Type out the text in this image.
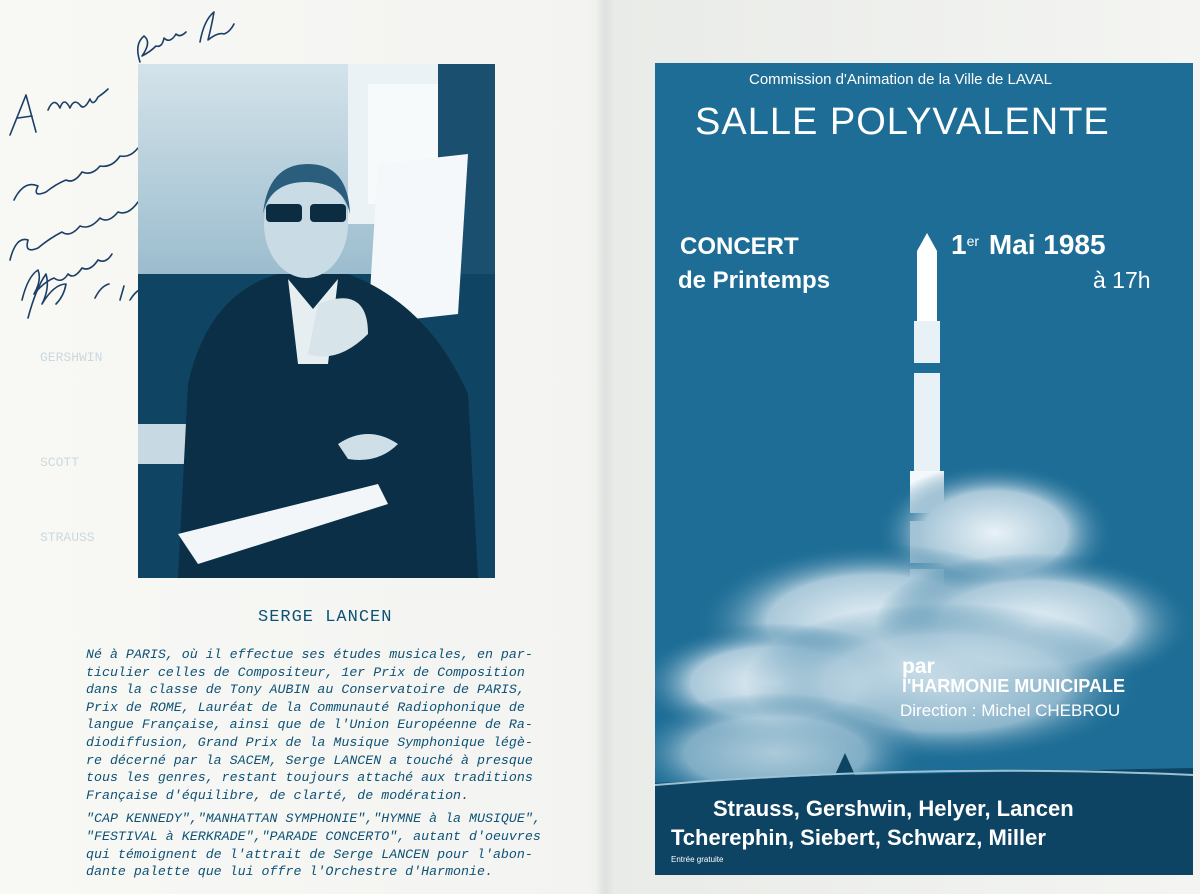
GERSHWIN
SCOTT
STRAUSS
SERGE LANCEN

Né à PARIS, où il effectue ses études musicales, en par-
ticulier celles de Compositeur, 1er Prix de Composition
dans la classe de Tony AUBIN au Conservatoire de PARIS,
Prix de ROME, Lauréat de la Communauté Radiophonique de
langue Française, ainsi que de l'Union Européenne de Ra-
diodiffusion, Grand Prix de la Musique Symphonique légè-
re décerné par la SACEM, Serge LANCEN a touché à presque
tous les genres, restant toujours attaché aux traditions
Française d'équilibre, de clarté, de modération.

"CAP KENNEDY","MANHATTAN SYMPHONIE","HYMNE à la MUSIQUE",
"FESTIVAL à KERKRADE","PARADE CONCERTO", autant d'oeuvres
qui témoignent de l'attrait de Serge LANCEN pour l'abon-
dante palette que lui offre l'Orchestre d'Harmonie.

Commission d'Animation de la Ville de LAVAL
SALLE POLYVALENTE
CONCERT
de Printemps
1er Mai 1985
à 17h
par
l'HARMONIE MUNICIPALE
Direction : Michel CHEBROU
Strauss, Gershwin, Helyer, Lancen
Tcherephin, Siebert, Schwarz, Miller
Entrée gratuite
